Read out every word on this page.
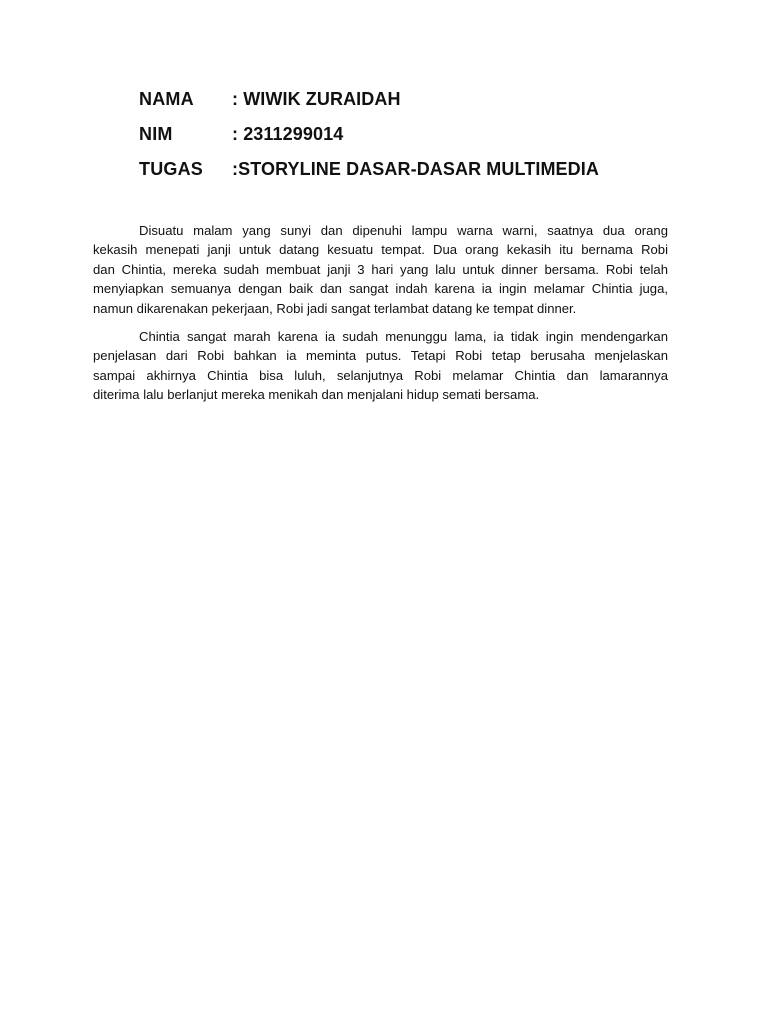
NAMA	: WIWIK ZURAIDAH
NIM	: 2311299014
TUGAS	:STORYLINE DASAR-DASAR MULTIMEDIA

Disuatu malam yang sunyi dan dipenuhi lampu warna warni, saatnya dua orang
kekasih menepati janji untuk datang kesuatu tempat. Dua orang kekasih itu bernama Robi
dan Chintia, mereka sudah membuat janji 3 hari yang lalu untuk dinner bersama. Robi telah
menyiapkan semuanya dengan baik dan sangat indah karena ia ingin melamar Chintia juga,
namun dikarenakan pekerjaan, Robi jadi sangat terlambat datang ke tempat dinner.

Chintia sangat marah karena ia sudah menunggu lama, ia tidak ingin mendengarkan
penjelasan dari Robi bahkan ia meminta putus. Tetapi Robi tetap berusaha menjelaskan
sampai akhirnya Chintia bisa luluh, selanjutnya Robi melamar Chintia dan lamarannya
diterima lalu berlanjut mereka menikah dan menjalani hidup semati bersama.
